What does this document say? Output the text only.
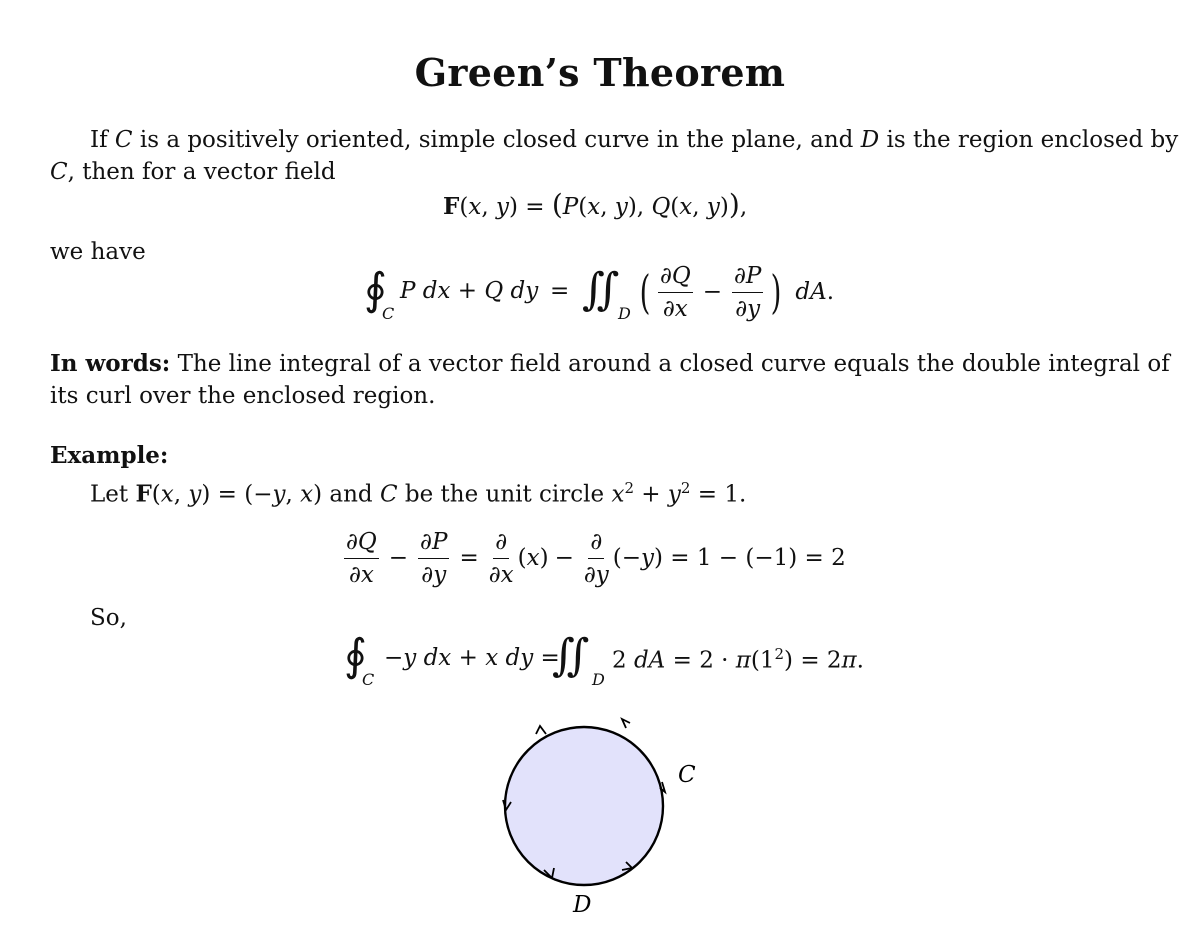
Green’s Theorem
If C is a positively oriented, simple closed curve in the plane, and D is the region enclosed by
C, then for a vector field
F(x, y) = (P(x, y), Q(x, y)),
we have
∮
C
P dx + Q dy = ∬
D ( $\frac{\partial Q}{\partial x} - \frac{\partial P}{\partial y}$ ) dA.
In words: The line integral of a vector field around a closed curve equals the double integral of
its curl over the enclosed region.
Example:
Let F(x, y) = (−y, x) and C be the unit circle $x^2 + y^2 = 1$.
$\frac{\partial Q}{\partial x} - \frac{\partial P}{\partial y} = \frac{\partial}{\partial x} (x) - \frac{\partial}{\partial y} (-y) = 1 - (-1) = 2$
So,
∮
C
−y dx + x dy =
∬ D
2 dA = $2 \cdot \pi(1^2) = 2\pi$.
C
D
